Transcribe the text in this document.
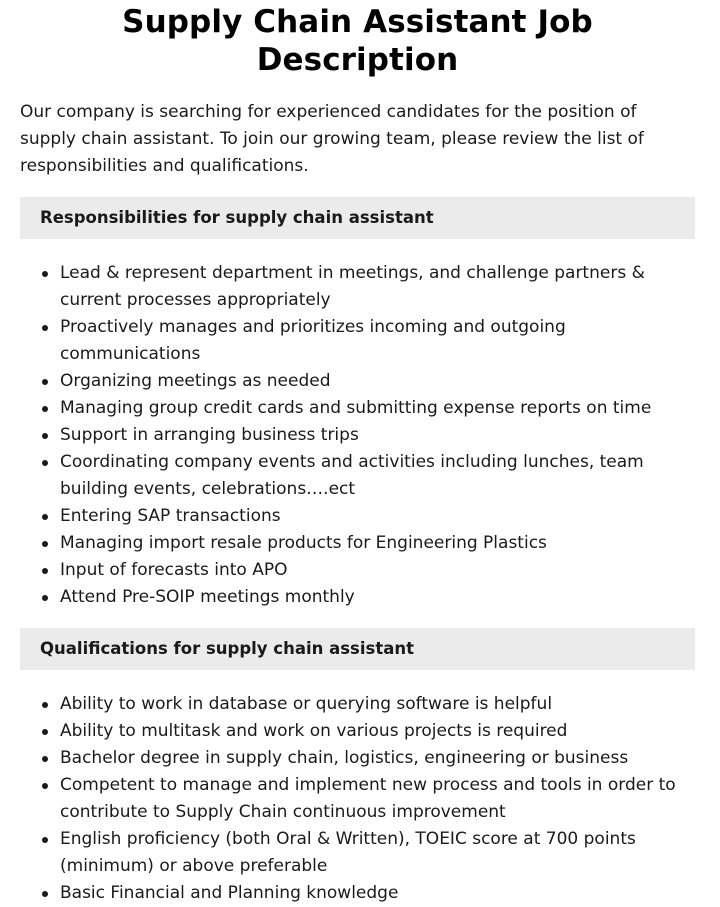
Supply Chain Assistant Job Description

Our company is searching for experienced candidates for the position of supply chain assistant. To join our growing team, please review the list of responsibilities and qualifications.

Responsibilities for supply chain assistant
Lead & represent department in meetings, and challenge partners & current processes appropriately
Proactively manages and prioritizes incoming and outgoing communications
Organizing meetings as needed
Managing group credit cards and submitting expense reports on time
Support in arranging business trips
Coordinating company events and activities including lunches, team building events, celebrations….ect
Entering SAP transactions
Managing import resale products for Engineering Plastics
Input of forecasts into APO
Attend Pre-SOIP meetings monthly
Qualifications for supply chain assistant
Ability to work in database or querying software is helpful
Ability to multitask and work on various projects is required
Bachelor degree in supply chain, logistics, engineering or business
Competent to manage and implement new process and tools in order to contribute to Supply Chain continuous improvement
English proficiency (both Oral & Written), TOEIC score at 700 points (minimum) or above preferable
Basic Financial and Planning knowledge
